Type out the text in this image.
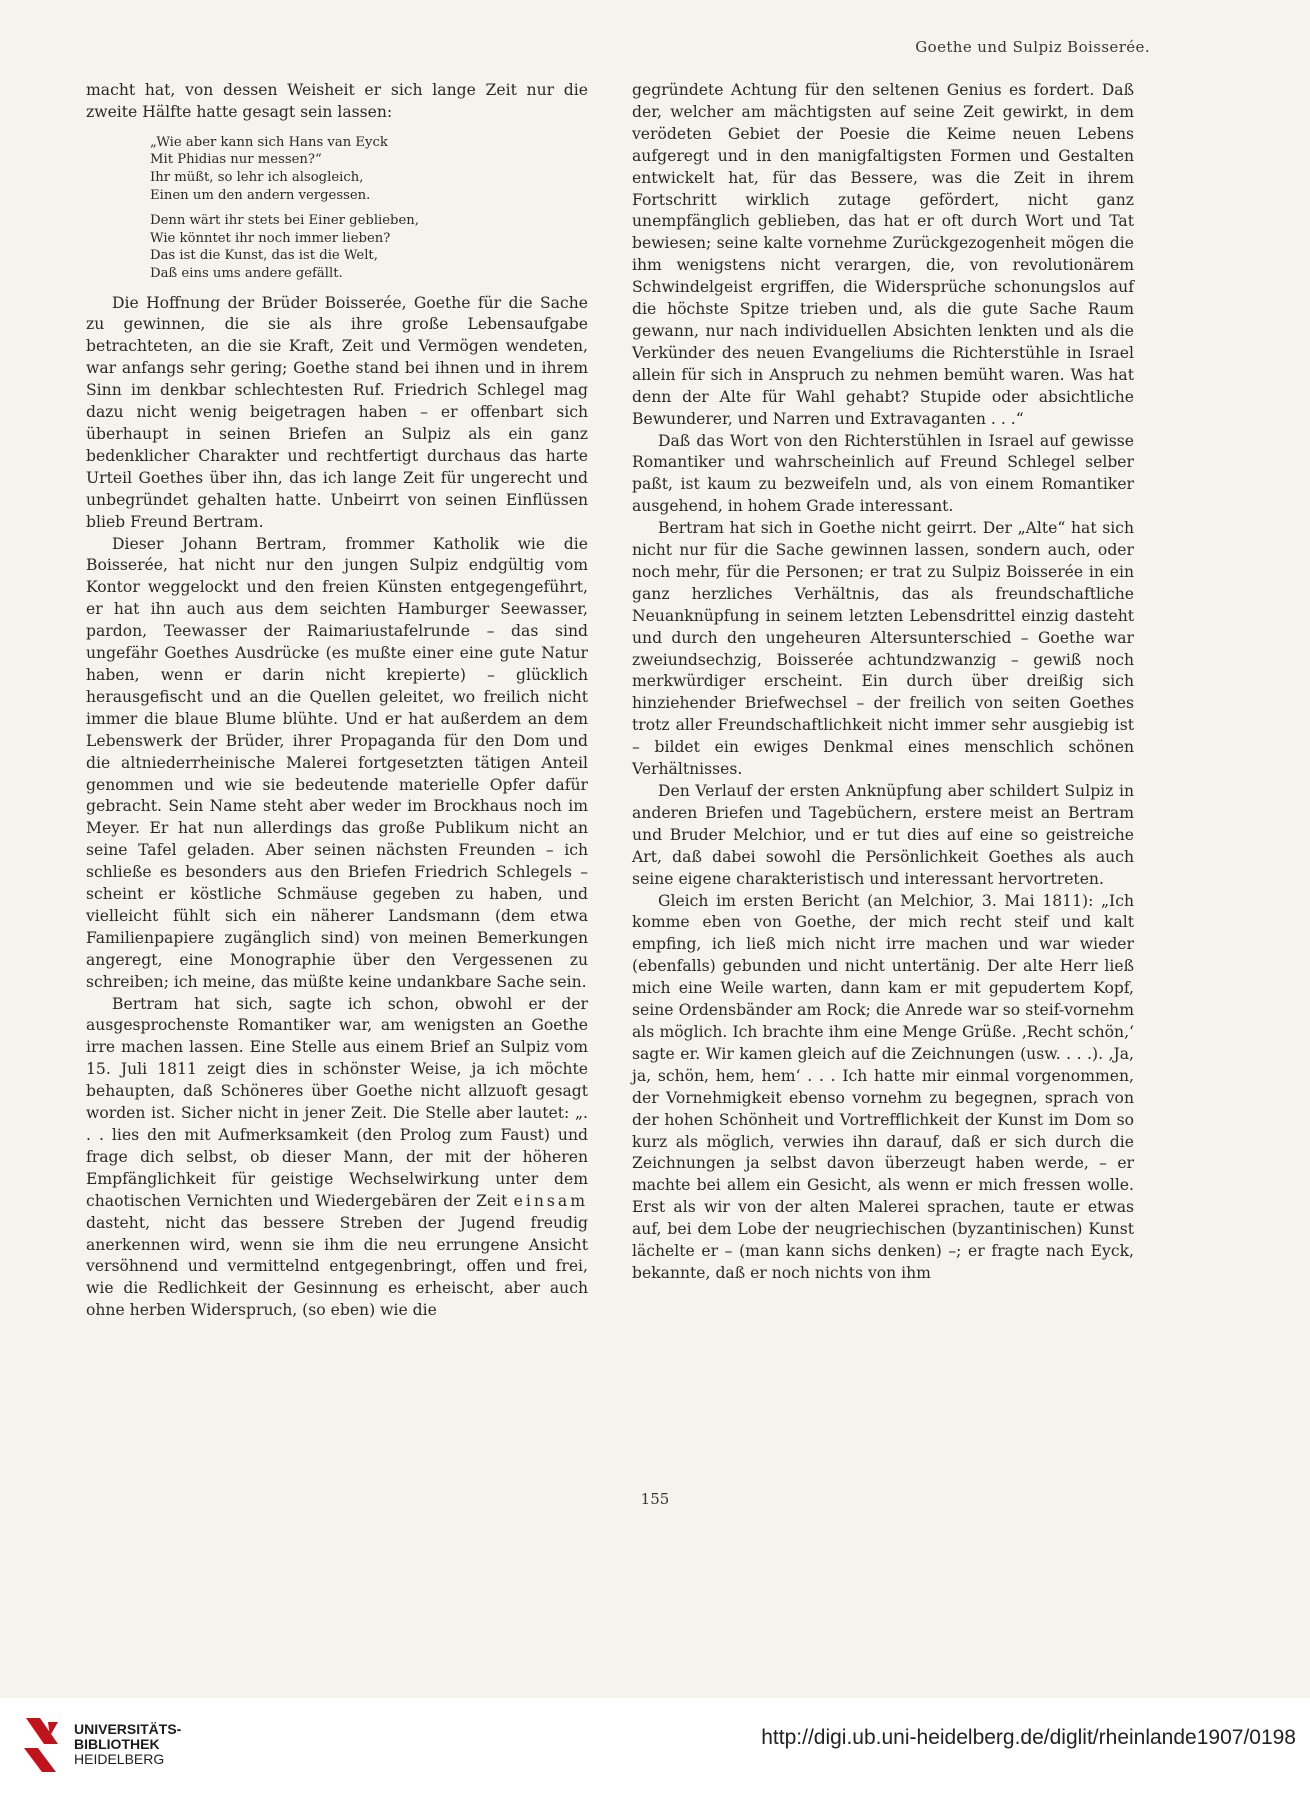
Goethe und Sulpiz Boisserée.

macht hat, von dessen Weisheit er sich lange Zeit nur die zweite Hälfte hatte gesagt sein lassen:

„Wie aber kann sich Hans van Eyck
Mit Phidias nur messen?“
Ihr müßt, so lehr ich alsogleich,
Einen um den andern vergessen.
Denn wärt ihr stets bei Einer geblieben,
Wie könntet ihr noch immer lieben?
Das ist die Kunst, das ist die Welt,
Daß eins ums andere gefällt.

Die Hoffnung der Brüder Boisserée, Goethe für die Sache zu gewinnen, die sie als ihre große Lebensaufgabe betrachteten, an die sie Kraft, Zeit und Vermögen wendeten, war anfangs sehr gering; Goethe stand bei ihnen und in ihrem Sinn im denkbar schlechtesten Ruf. Friedrich Schlegel mag dazu nicht wenig beigetragen haben – er offenbart sich überhaupt in seinen Briefen an Sulpiz als ein ganz bedenklicher Charakter und rechtfertigt durchaus das harte Urteil Goethes über ihn, das ich lange Zeit für ungerecht und unbegründet gehalten hatte. Unbeirrt von seinen Einflüssen blieb Freund Bertram.

Dieser Johann Bertram, frommer Katholik wie die Boisserée, hat nicht nur den jungen Sulpiz endgültig vom Kontor weggelockt und den freien Künsten entgegengeführt, er hat ihn auch aus dem seichten Hamburger Seewasser, pardon, Teewasser der Raimariustafelrunde – das sind ungefähr Goethes Ausdrücke (es mußte einer eine gute Natur haben, wenn er darin nicht krepierte) – glücklich herausgefischt und an die Quellen geleitet, wo freilich nicht immer die blaue Blume blühte. Und er hat außerdem an dem Lebenswerk der Brüder, ihrer Propaganda für den Dom und die altniederrheinische Malerei fortgesetzten tätigen Anteil genommen und wie sie bedeutende materielle Opfer dafür gebracht. Sein Name steht aber weder im Brockhaus noch im Meyer. Er hat nun allerdings das große Publikum nicht an seine Tafel geladen. Aber seinen nächsten Freunden – ich schließe es besonders aus den Briefen Friedrich Schlegels – scheint er köstliche Schmäuse gegeben zu haben, und vielleicht fühlt sich ein näherer Landsmann (dem etwa Familienpapiere zugänglich sind) von meinen Bemerkungen angeregt, eine Monographie über den Vergessenen zu schreiben; ich meine, das müßte keine undankbare Sache sein.

Bertram hat sich, sagte ich schon, obwohl er der ausgesprochenste Romantiker war, am wenigsten an Goethe irre machen lassen. Eine Stelle aus einem Brief an Sulpiz vom 15. Juli 1811 zeigt dies in schönster Weise, ja ich möchte behaupten, daß Schöneres über Goethe nicht allzuoft gesagt worden ist. Sicher nicht in jener Zeit. Die Stelle aber lautet: „. . . lies den mit Aufmerksamkeit (den Prolog zum Faust) und frage dich selbst, ob dieser Mann, der mit der höheren Empfänglichkeit für geistige Wechselwirkung unter dem chaotischen Vernichten und Wiedergebären der Zeit einsam dasteht, nicht das bessere Streben der Jugend freudig anerkennen wird, wenn sie ihm die neu errungene Ansicht versöhnend und vermittelnd entgegenbringt, offen und frei, wie die Redlichkeit der Gesinnung es erheischt, aber auch ohne herben Widerspruch, (so eben) wie die

gegründete Achtung für den seltenen Genius es fordert. Daß der, welcher am mächtigsten auf seine Zeit gewirkt, in dem verödeten Gebiet der Poesie die Keime neuen Lebens aufgeregt und in den manigfaltigsten Formen und Gestalten entwickelt hat, für das Bessere, was die Zeit in ihrem Fortschritt wirklich zutage gefördert, nicht ganz unempfänglich geblieben, das hat er oft durch Wort und Tat bewiesen; seine kalte vornehme Zurückgezogenheit mögen die ihm wenigstens nicht verargen, die, von revolutionärem Schwindelgeist ergriffen, die Widersprüche schonungslos auf die höchste Spitze trieben und, als die gute Sache Raum gewann, nur nach individuellen Absichten lenkten und als die Verkünder des neuen Evangeliums die Richterstühle in Israel allein für sich in Anspruch zu nehmen bemüht waren. Was hat denn der Alte für Wahl gehabt? Stupide oder absichtliche Bewunderer, und Narren und Extravaganten . . .“

Daß das Wort von den Richterstühlen in Israel auf gewisse Romantiker und wahrscheinlich auf Freund Schlegel selber paßt, ist kaum zu bezweifeln und, als von einem Romantiker ausgehend, in hohem Grade interessant.

Bertram hat sich in Goethe nicht geirrt. Der „Alte“ hat sich nicht nur für die Sache gewinnen lassen, sondern auch, oder noch mehr, für die Personen; er trat zu Sulpiz Boisserée in ein ganz herzliches Verhältnis, das als freundschaftliche Neuanknüpfung in seinem letzten Lebensdrittel einzig dasteht und durch den ungeheuren Altersunterschied – Goethe war zweiundsechzig, Boisserée achtundzwanzig – gewiß noch merkwürdiger erscheint. Ein durch über dreißig sich hinziehender Briefwechsel – der freilich von seiten Goethes trotz aller Freundschaftlichkeit nicht immer sehr ausgiebig ist – bildet ein ewiges Denkmal eines menschlich schönen Verhältnisses.

Den Verlauf der ersten Anknüpfung aber schildert Sulpiz in anderen Briefen und Tagebüchern, erstere meist an Bertram und Bruder Melchior, und er tut dies auf eine so geistreiche Art, daß dabei sowohl die Persönlichkeit Goethes als auch seine eigene charakteristisch und interessant hervortreten.

Gleich im ersten Bericht (an Melchior, 3. Mai 1811): „Ich komme eben von Goethe, der mich recht steif und kalt empfing, ich ließ mich nicht irre machen und war wieder (ebenfalls) gebunden und nicht untertänig. Der alte Herr ließ mich eine Weile warten, dann kam er mit gepudertem Kopf, seine Ordensbänder am Rock; die Anrede war so steif-vornehm als möglich. Ich brachte ihm eine Menge Grüße. ‚Recht schön,‘ sagte er. Wir kamen gleich auf die Zeichnungen (usw. . . .). ‚Ja, ja, schön, hem, hem‘ . . . Ich hatte mir einmal vorgenommen, der Vornehmigkeit ebenso vornehm zu begegnen, sprach von der hohen Schönheit und Vortrefflichkeit der Kunst im Dom so kurz als möglich, verwies ihn darauf, daß er sich durch die Zeichnungen ja selbst davon überzeugt haben werde, – er machte bei allem ein Gesicht, als wenn er mich fressen wolle. Erst als wir von der alten Malerei sprachen, taute er etwas auf, bei dem Lobe der neugriechischen (byzantinischen) Kunst lächelte er – (man kann sichs denken) –; er fragte nach Eyck, bekannte, daß er noch nichts von ihm

155
UNIVERSITÄTS-
BIBLIOTHEK
HEIDELBERG
http://digi.ub.uni-heidelberg.de/diglit/rheinlande1907/0198
